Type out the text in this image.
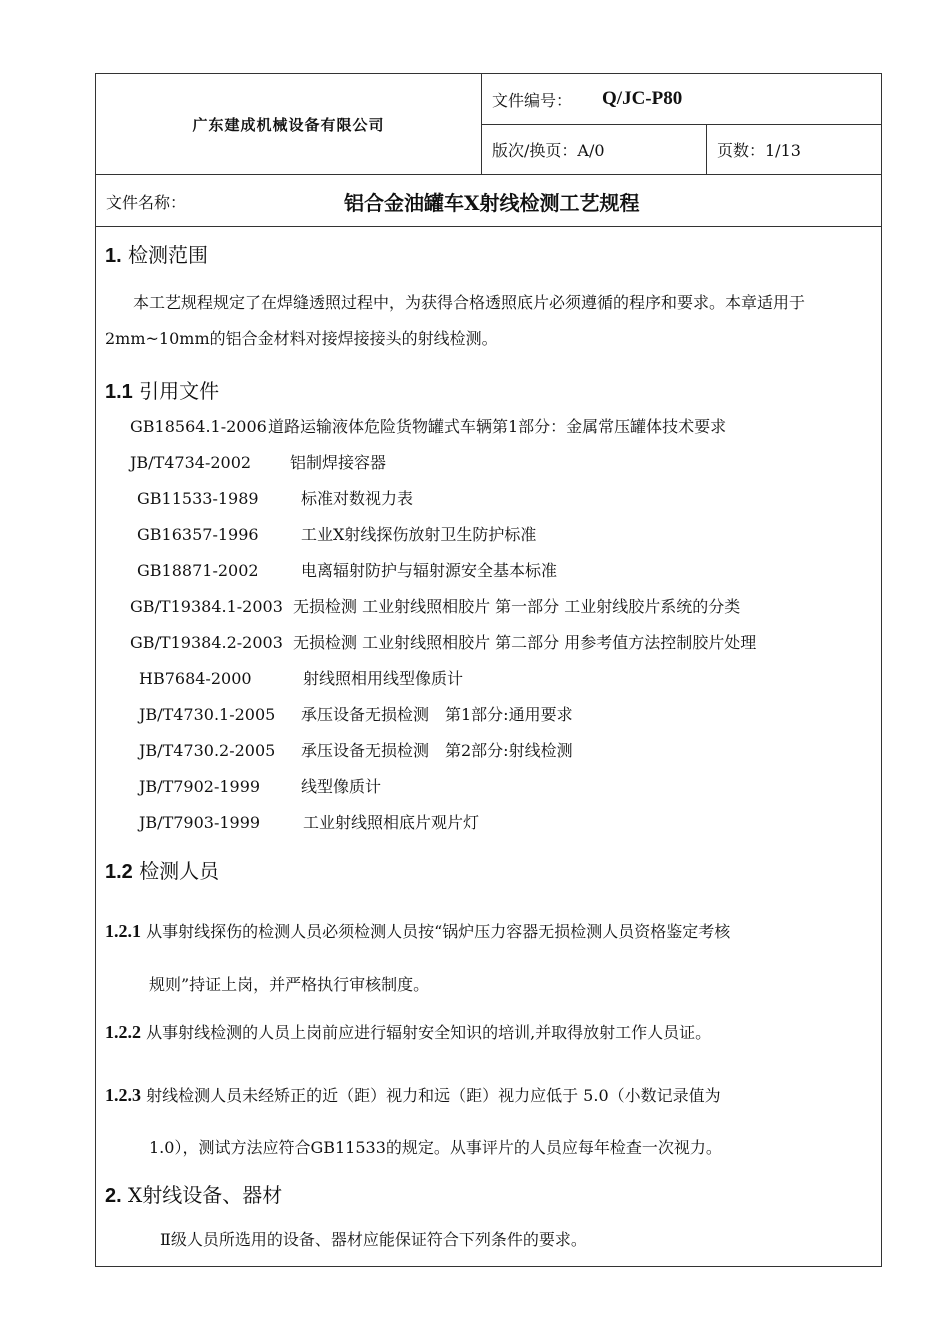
广东建成机械设备有限公司
文件编号： Q/JC-P80
版次/换页：A/0	页数：1/13
文件名称：	铝合金油罐车X射线检测工艺规程
1. 检测范围
本工艺规程规定了在焊缝透照过程中，为获得合格透照底片必须遵循的程序和要求。本章适用于2mm~10mm的铝合金材料对接焊接接头的射线检测。
1.1 引用文件
GB18564.1-2006道路运输液体危险货物罐式车辆第1部分：金属常压罐体技术要求
JB/T4734-2002 铝制焊接容器
GB11533-1989	标准对数视力表
GB16357-1996	工业X射线探伤放射卫生防护标准
GB18871-2002	电离辐射防护与辐射源安全基本标准
GB/T19384.1-2003 无损检测 工业射线照相胶片 第一部分 工业射线胶片系统的分类
GB/T19384.2-2003 无损检测 工业射线照相胶片 第二部分 用参考值方法控制胶片处理
HB7684-2000	射线照相用线型像质计
JB/T4730.1-2005 承压设备无损检测　第1部分:通用要求
JB/T4730.2-2005 承压设备无损检测　第2部分:射线检测
JB/T7902-1999	线型像质计
JB/T7903-1999	工业射线照相底片观片灯
1.2 检测人员
1.2.1 从事射线探伤的检测人员必须检测人员按“锅炉压力容器无损检测人员资格鉴定考核
规则”持证上岗，并严格执行审核制度。
1.2.2 从事射线检测的人员上岗前应进行辐射安全知识的培训,并取得放射工作人员证。
1.2.3 射线检测人员未经矫正的近（距）视力和远（距）视力应低于 5.0（小数记录值为
1.0），测试方法应符合GB11533的规定。从事评片的人员应每年检查一次视力。
2. X射线设备、器材
Ⅱ级人员所选用的设备、器材应能保证符合下列条件的要求。
